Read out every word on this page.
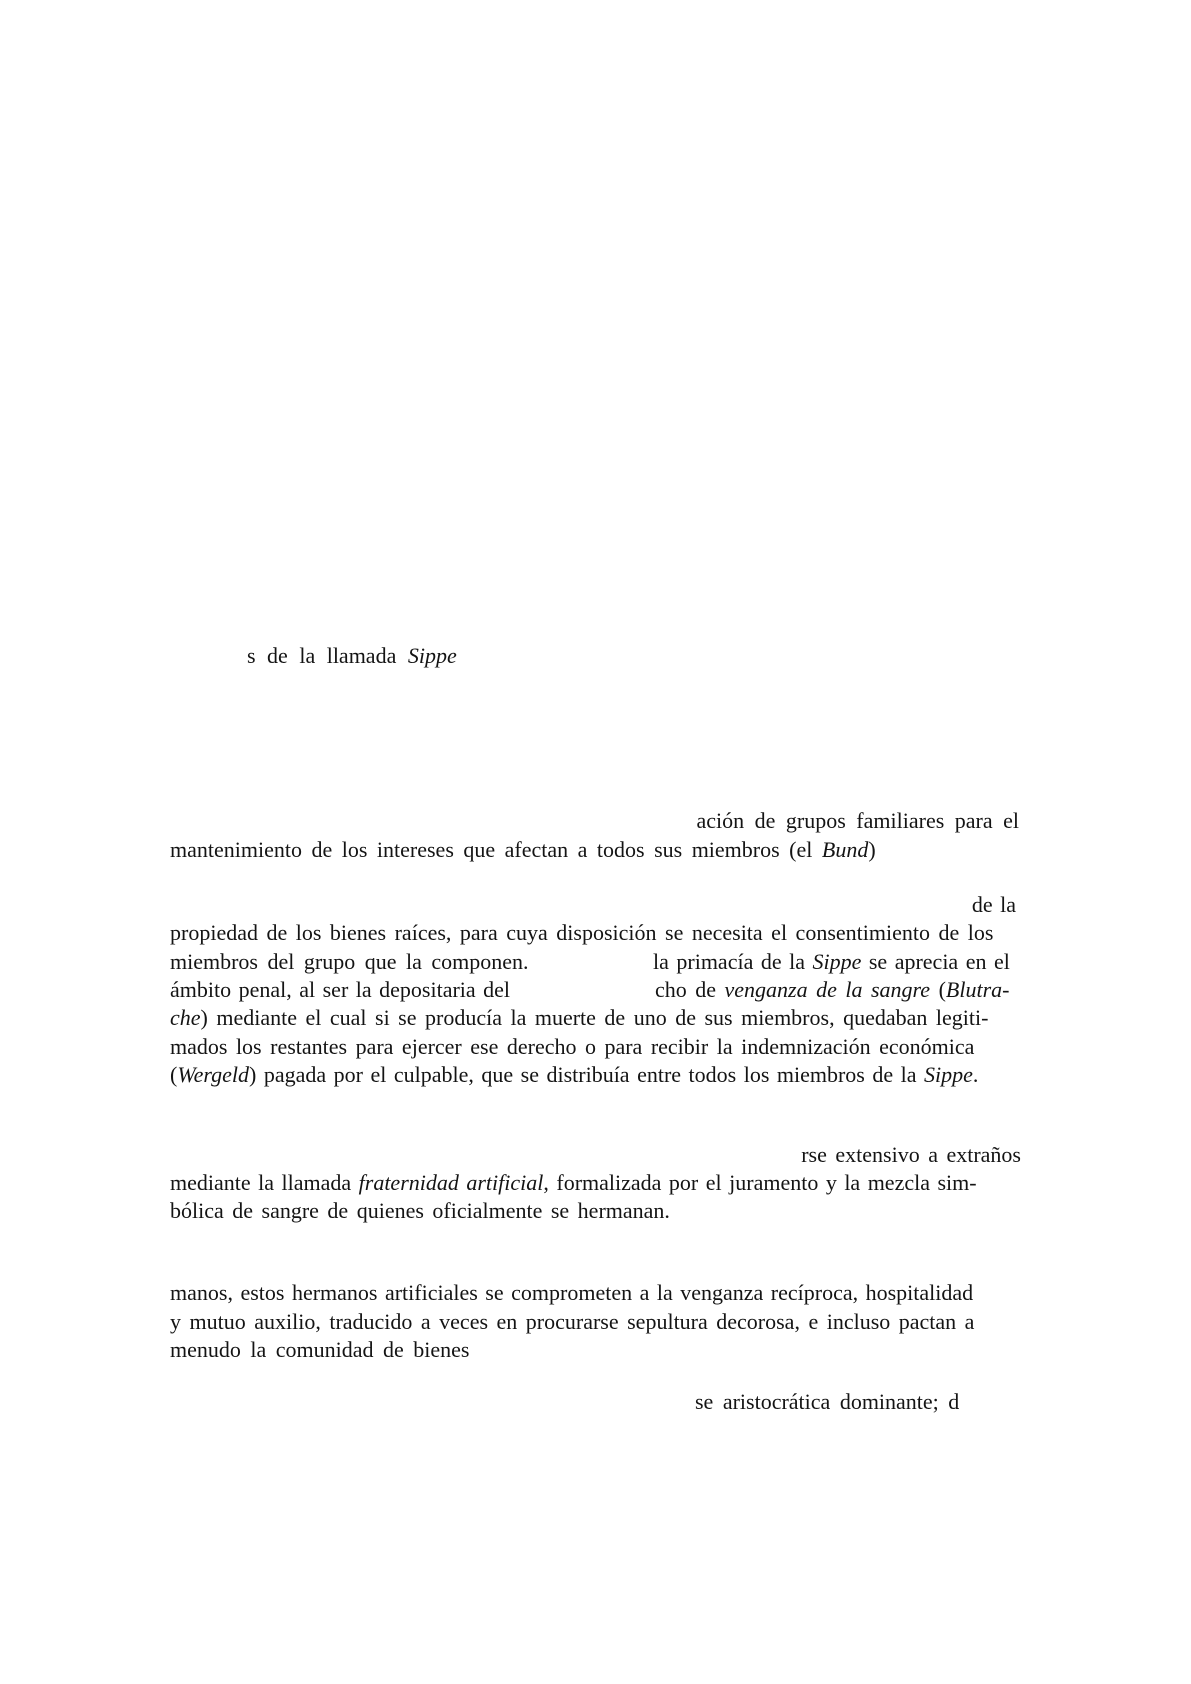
s de la llamada Sippe
ación de grupos familiares para el
mantenimiento de los intereses que afectan a todos sus miembros (el Bund)
de la
propiedad de los bienes raíces, para cuya disposición se necesita el consentimiento de los
miembros del grupo que la componen.	la primacía de la Sippe se aprecia en el
ámbito penal, al ser la depositaria del	cho de venganza de la sangre (Blutra-
che) mediante el cual si se producía la muerte de uno de sus miembros, quedaban legiti-
mados los restantes para ejercer ese derecho o para recibir la indemnización económica
(Wergeld) pagada por el culpable, que se distribuía entre todos los miembros de la Sippe.
rse extensivo a extraños
mediante la llamada fraternidad artificial, formalizada por el juramento y la mezcla sim-
bólica de sangre de quienes oficialmente se hermanan.
manos, estos hermanos artificiales se comprometen a la venganza recíproca, hospitalidad
y mutuo auxilio, traducido a veces en procurarse sepultura decorosa, e incluso pactan a
menudo la comunidad de bienes
se aristocrática dominante; d
